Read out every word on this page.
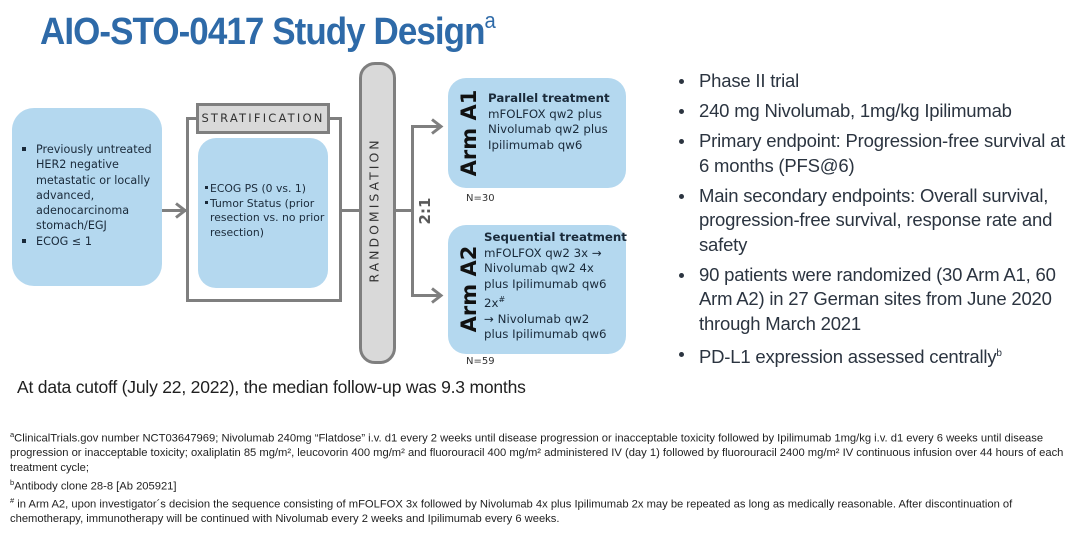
AIO-STO-0417 Study Design$^a$
Previously untreated HER2 negative metastatic or locally advanced, adenocarcinoma stomach/EGJ
ECOG ≤ 1
STRATIFICATION
ECOG PS (0 vs. 1)
Tumor Status (prior resection vs. no prior resection)	RANDOMISATION 2:1
Arm A1 Parallel treatment
mFOLFOX qw2 plus
Nivolumab qw2 plus
Ipilimumab qw6
N=30
Arm A2
Sequential treatment
mFOLFOX qw2 3x →
Nivolumab qw2 4x
plus Ipilimumab qw6
2x#
→ Nivolumab qw2
plus Ipilimumab qw6
N=59
Phase II trial
240 mg Nivolumab, 1mg/kg Ipilimumab
Primary endpoint: Progression-free survival at 6 months (PFS@6)
Main secondary endpoints: Overall survival, progression-free survival, response rate and safety
90 patients were randomized (30 Arm A1, 60 Arm A2) in 27 German sites from June 2020 through March 2021
PD-L1 expression assessed centrally$^b$
At data cutoff (July 22, 2022), the median follow-up was 9.3 months

$^a$ClinicalTrials.gov number NCT03647969; Nivolumab 240mg “Flatdose” i.v. d1 every 2 weeks until disease progression or inacceptable toxicity followed by Ipilimumab 1mg/kg i.v. d1 every 6 weeks until disease progression or inacceptable toxicity; oxaliplatin 85 mg/m², leucovorin 400 mg/m² and fluorouracil 400 mg/m² administered IV (day 1) followed by fluorouracil 2400 mg/m² IV continuous infusion over 44 hours of each treatment cycle;

$^b$Antibody clone 28-8 [Ab 205921]

# in Arm A2, upon investigator´s decision the sequence consisting of mFOLFOX 3x followed by Nivolumab 4x plus Ipilimumab 2x may be repeated as long as medically reasonable. After discontinuation of chemotherapy, immunotherapy will be continued with Nivolumab every 2 weeks and Ipilimumab every 6 weeks.
